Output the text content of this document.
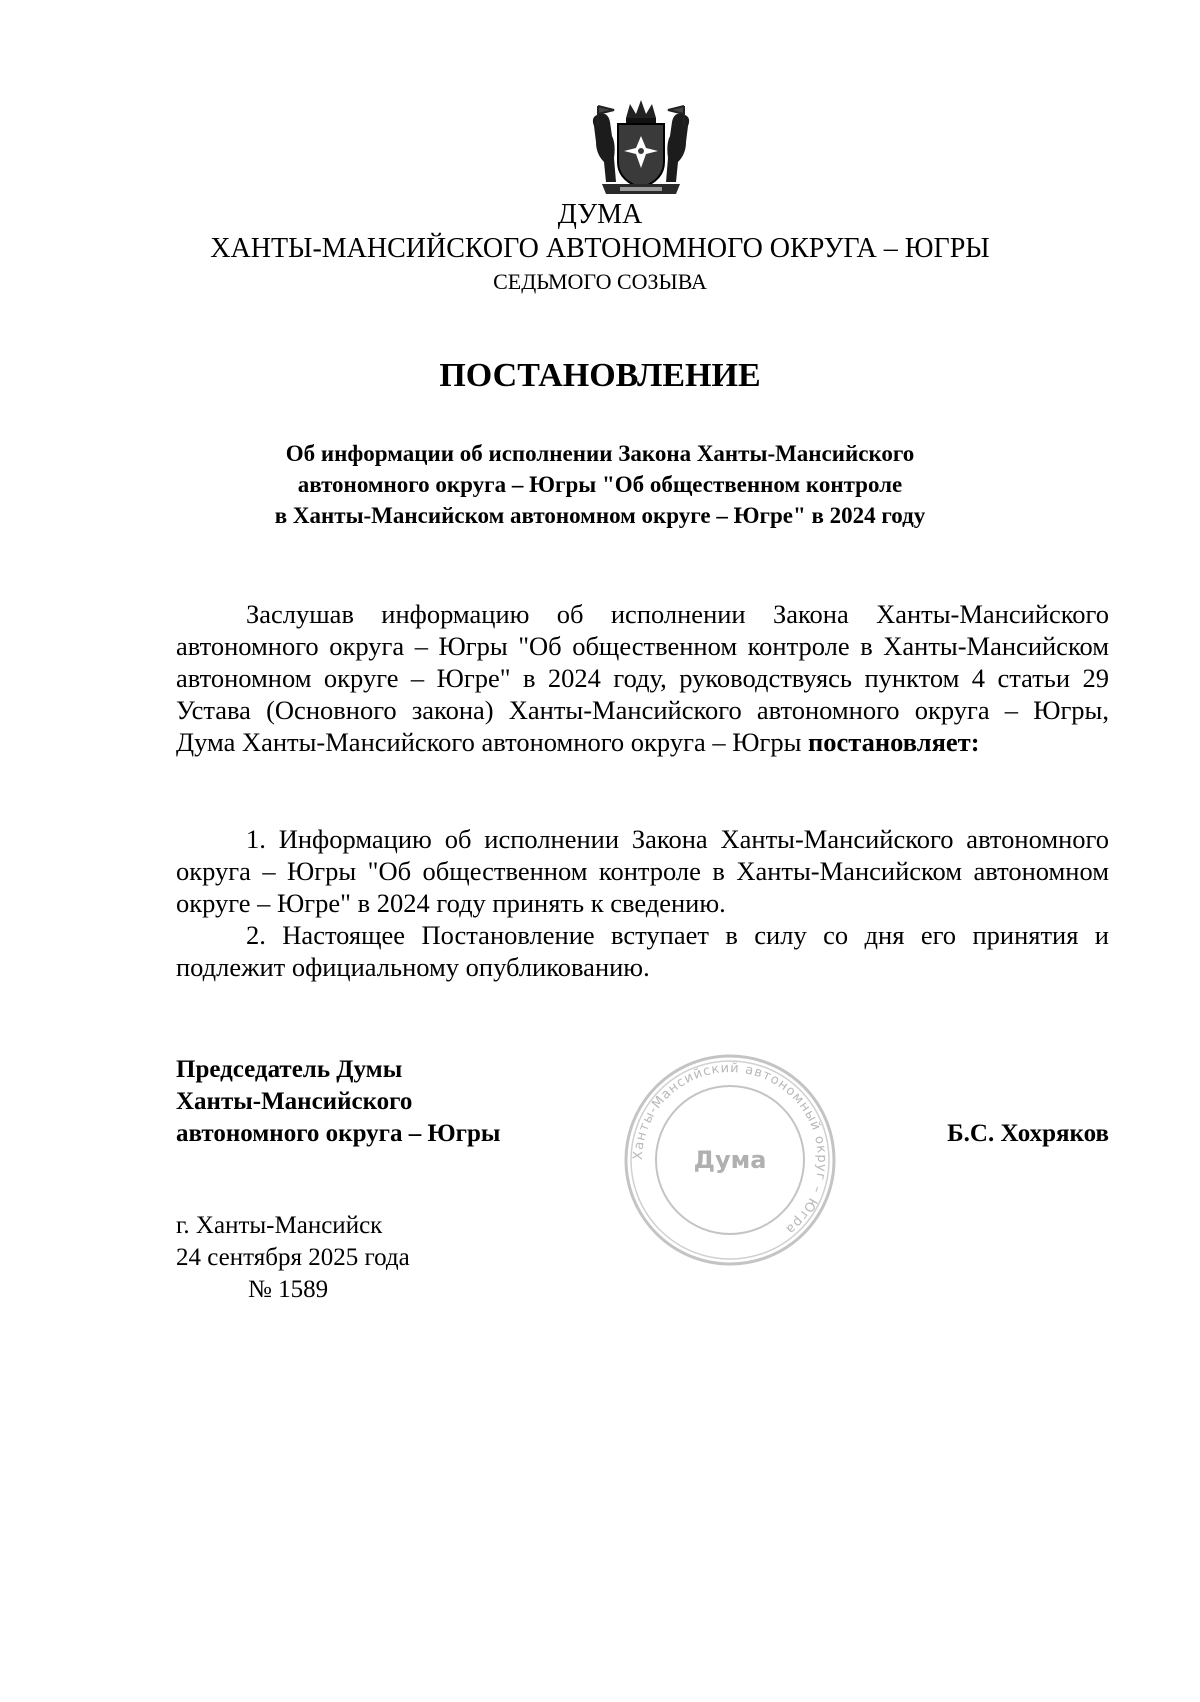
ДУМА
ХАНТЫ-МАНСИЙСКОГО АВТОНОМНОГО ОКРУГА – ЮГРЫ
СЕДЬМОГО СОЗЫВА
ПОСТАНОВЛЕНИЕ
Об информации об исполнении Закона Ханты-Мансийского
автономного округа – Югры "Об общественном контроле
в Ханты-Мансийском автономном округе – Югре" в 2024 году

Заслушав информацию об исполнении Закона Ханты-Мансийского автономного округа – Югры "Об общественном контроле в Ханты-Мансийском автономном округе – Югре" в 2024 году, руководствуясь пунктом 4 статьи 29 Устава (Основного закона) Ханты-Мансийского автономного округа – Югры, Дума Ханты-Мансийского автономного округа – Югры постановляет:

1. Информацию об исполнении Закона Ханты-Мансийского автономного округа – Югры "Об общественном контроле в Ханты-Мансийском автономном округе – Югре" в 2024 году принять к сведению.

2. Настоящее Постановление вступает в силу со дня его принятия и подлежит официальному опубликованию.

Председатель Думы
Ханты-Мансийского
автономного округа – Югры
Ханты-Мансийский автономный округ – Югра
Дума
Б.С. Хохряков
г. Ханты-Мансийск
24 сентября 2025 года
№ 1589
